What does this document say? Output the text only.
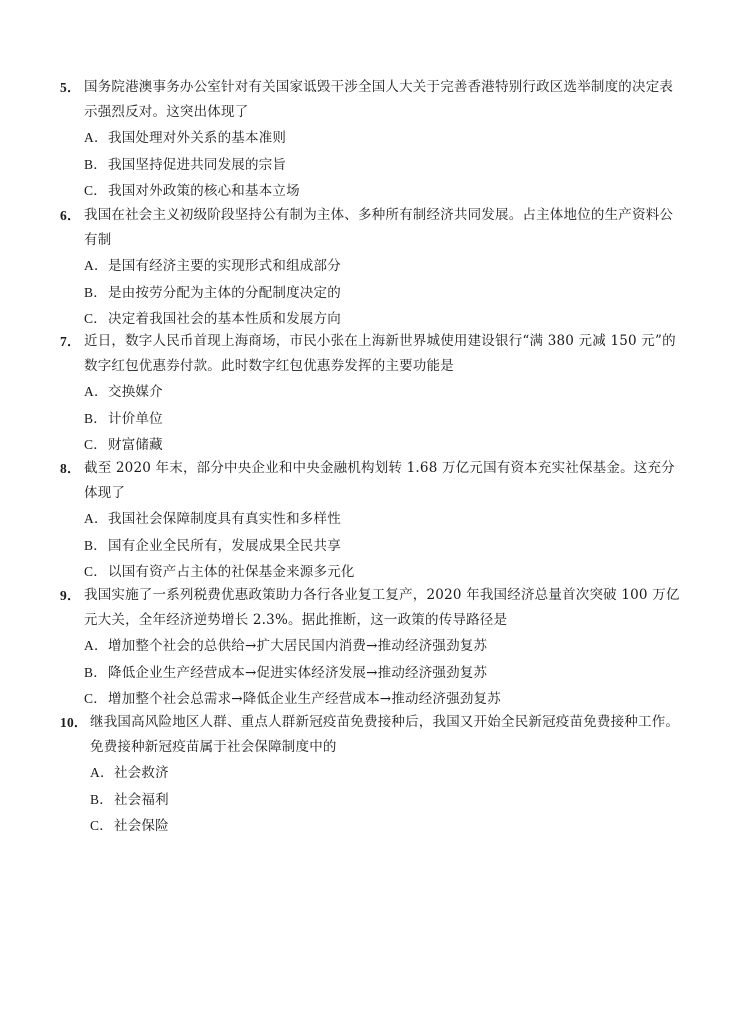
5． 国务院港澳事务办公室针对有关国家诋毁干涉全国人大关于完善香港特别行政区选举制度的决定表示强烈反对。这突出体现了
A．我国处理对外关系的基本准则
B．我国坚持促进共同发展的宗旨
C．我国对外政策的核心和基本立场
6． 我国在社会主义初级阶段坚持公有制为主体、多种所有制经济共同发展。占主体地位的生产资料公有制
A．是国有经济主要的实现形式和组成部分
B．是由按劳分配为主体的分配制度决定的
C．决定着我国社会的基本性质和发展方向
7． 近日，数字人民币首现上海商场，市民小张在上海新世界城使用建设银行“满 380 元减 150 元”的数字红包优惠券付款。此时数字红包优惠券发挥的主要功能是
A．交换媒介
B．计价单位
C．财富储藏
8． 截至 2020 年末，部分中央企业和中央金融机构划转 1.68 万亿元国有资本充实社保基金。这充分体现了
A．我国社会保障制度具有真实性和多样性
B．国有企业全民所有，发展成果全民共享
C．以国有资产占主体的社保基金来源多元化
9． 我国实施了一系列税费优惠政策助力各行各业复工复产，2020 年我国经济总量首次突破 100 万亿元大关，全年经济逆势增长 2.3%。据此推断，这一政策的传导路径是
A．增加整个社会的总供给→扩大居民国内消费→推动经济强劲复苏
B．降低企业生产经营成本→促进实体经济发展→推动经济强劲复苏
C．增加整个社会总需求→降低企业生产经营成本→推动经济强劲复苏
10． 继我国高风险地区人群、重点人群新冠疫苗免费接种后，我国又开始全民新冠疫苗免费接种工作。免费接种新冠疫苗属于社会保障制度中的
A．社会救济
B．社会福利
C．社会保险
